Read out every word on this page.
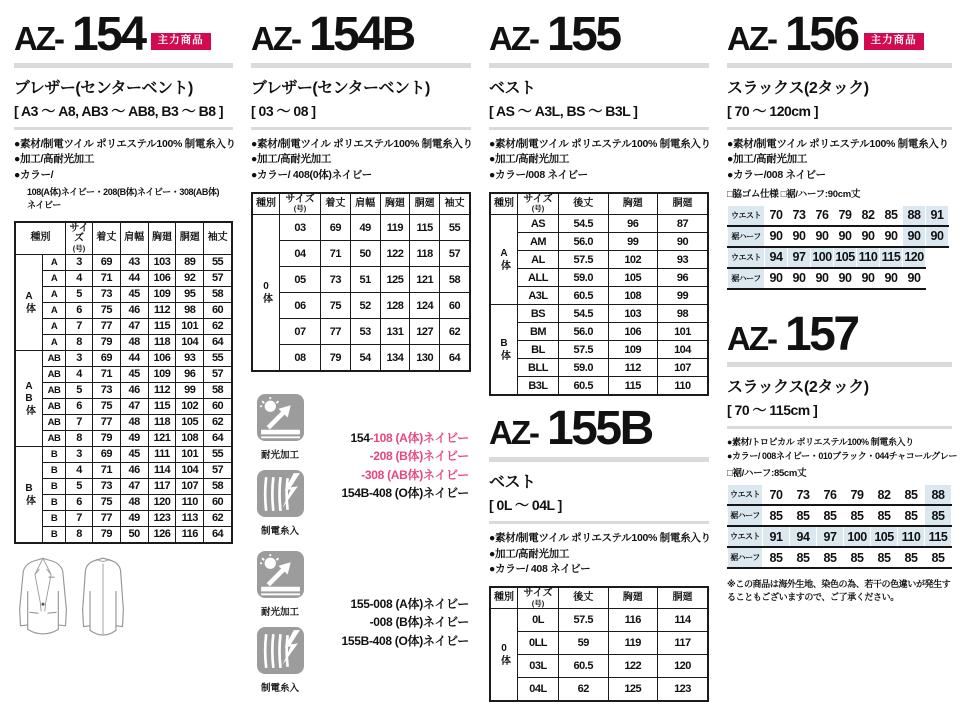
AZ- 154 主力商品
ブレザー(センターベント)
[ A3 〜 A8, AB3 〜 AB8, B3 〜 B8 ]
●素材/制電ツイル ポリエステル100% 制電糸入り
●加工/高耐光加工
●カラー/
108(A体)ネイビー・208(B体)ネイビー・308(AB体)
ネイビー
種別		サイズ
(号)	着丈	肩幅	胸廻	胴廻	袖丈
A体	A	3	69	43	103	89	55
	A	4	71	44	106	92	57
	A	5	73	45	109	95	58
	A	6	75	46	112	98	60
	A	7	77	47	115	101	62
	A	8	79	48	118	104	64
AB体	AB	3	69	44	106	93	55
	AB	4	71	45	109	96	57
	AB	5	73	46	112	99	58
	AB	6	75	47	115	102	60
	AB	7	77	48	118	105	62
	AB	8	79	49	121	108	64
B体	B	3	69	45	111	101	55
	B	4	71	46	114	104	57
	B	5	73	47	117	107	58
	B	6	75	48	120	110	60
	B	7	77	49	123	113	62
	B	8	79	50	126	116	64
AZ- 154B
ブレザー(センターベント)
[ 03 〜 08 ]
●素材/制電ツイル ポリエステル100% 制電糸入り
●加工/高耐光加工
●カラー/ 408(0体)ネイビー
種別	サイズ
(号)	着丈	肩幅	胸廻	胴廻	袖丈
0体	03	69	49	119	115	55
	04	71	50	122	118	57
	05	73	51	125	121	58
	06	75	52	128	124	60
	07	77	53	131	127	62
	08	79	54	134	130	64
耐光加工
制電糸入
154-108 (A体)ネイビー
-208 (B体)ネイビー
-308 (AB体)ネイビー
154B-408 (O体)ネイビー
耐光加工
制電糸入
155-008 (A体)ネイビー
-008 (B体)ネイビー
155B-408 (O体)ネイビー
AZ- 155
ベスト
[ AS 〜 A3L, BS 〜 B3L ]
●素材/制電ツイル ポリエステル100% 制電糸入り
●加工/高耐光加工
●カラー/008 ネイビー
種別	サイズ
(号)	後丈	胸廻	胴廻
A体	AS	54.5	96	87
	AM	56.0	99	90
	AL	57.5	102	93
	ALL	59.0	105	96
	A3L	60.5	108	99
B体	BS	54.5	103	98
	BM	56.0	106	101
	BL	57.5	109	104
	BLL	59.0	112	107
	B3L	60.5	115	110
AZ- 155B
ベスト
[ 0L 〜 04L ]
●素材/制電ツイル ポリエステル100% 制電糸入り
●加工/高耐光加工
●カラー/ 408 ネイビー
種別	サイズ
(号)	後丈	胸廻	胴廻
0体	0L	57.5	116	114
	0LL	59	119	117
	03L	60.5	122	120
	04L	62	125	123
AZ- 156 主力商品
スラックス(2タック)
[ 70 〜 120cm ]
●素材/制電ツイル ポリエステル100% 制電糸入り
●加工/高耐光加工
●カラー/008 ネイビー
□脇ゴム仕様 □裾/ハーフ:90cm丈
ウエスト	70	73	76	79	82	85	88	91
裾ハーフ	90	90	90	90	90	90	90	90
ウエスト	94	97	100	105	110	115	120	
裾ハーフ	90	90	90	90	90	90	90	
AZ- 157
スラックス(2タック)
[ 70 〜 115cm ]
●素材/トロピカル ポリエステル100% 制電糸入り
●カラー/ 008ネイビー・010ブラック・044チャコールグレー
□裾/ハーフ:85cm丈
ウエスト	70	73	76	79	82	85	88
裾ハーフ	85	85	85	85	85	85	85
ウエスト	91	94	97	100	105	110	115
裾ハーフ	85	85	85	85	85	85	85
※この商品は海外生地、染色の為、若干の色違いが発生することもございますので、ご了承ください。
